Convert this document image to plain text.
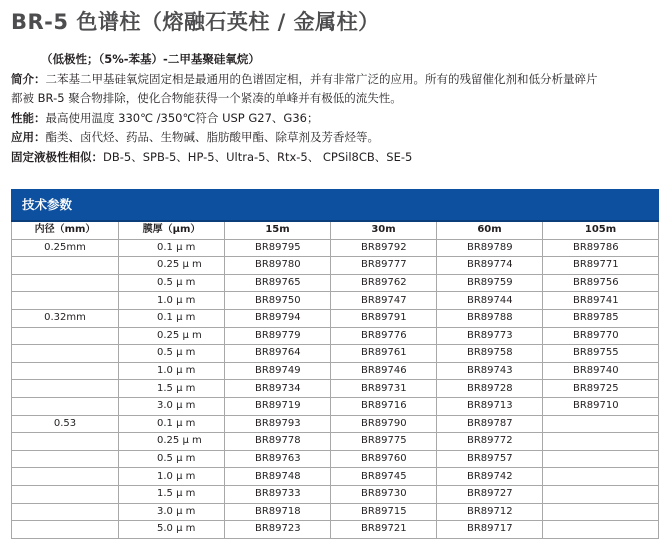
BR-5 色谱柱（熔融石英柱 / 金属柱）

（低极性；（5%-苯基）-二甲基聚硅氧烷）

简介：二苯基二甲基硅氧烷固定相是最通用的色谱固定相，并有非常广泛的应用。所有的残留催化剂和低分析量碎片

都被 BR-5 聚合物排除，使化合物能获得一个紧凑的单峰并有极低的流失性。

性能：最高使用温度 330℃ /350℃符合 USP G27、G36；

应用：酯类、卤代烃、药品、生物碱、脂肪酸甲酯、除草剂及芳香烃等。

固定液极性相似：DB-5、SPB-5、HP-5、Ultra-5、Rtx-5、 CPSil8CB、SE-5

技术参数					
内径（mm）	膜厚（μm）	15m	30m	60m	105m
0.25mm	0.1 μ m	BR89795	BR89792	BR89789	BR89786
	0.25 μ m	BR89780	BR89777	BR89774	BR89771
	0.5 μ m	BR89765	BR89762	BR89759	BR89756
	1.0 μ m	BR89750	BR89747	BR89744	BR89741
0.32mm	0.1 μ m	BR89794	BR89791	BR89788	BR89785
	0.25 μ m	BR89779	BR89776	BR89773	BR89770
	0.5 μ m	BR89764	BR89761	BR89758	BR89755
	1.0 μ m	BR89749	BR89746	BR89743	BR89740
	1.5 μ m	BR89734	BR89731	BR89728	BR89725
	3.0 μ m	BR89719	BR89716	BR89713	BR89710
0.53	0.1 μ m	BR89793	BR89790	BR89787	
	0.25 μ m	BR89778	BR89775	BR89772	
	0.5 μ m	BR89763	BR89760	BR89757	
	1.0 μ m	BR89748	BR89745	BR89742	
	1.5 μ m	BR89733	BR89730	BR89727	
	3.0 μ m	BR89718	BR89715	BR89712	
	5.0 μ m	BR89723	BR89721	BR89717	
